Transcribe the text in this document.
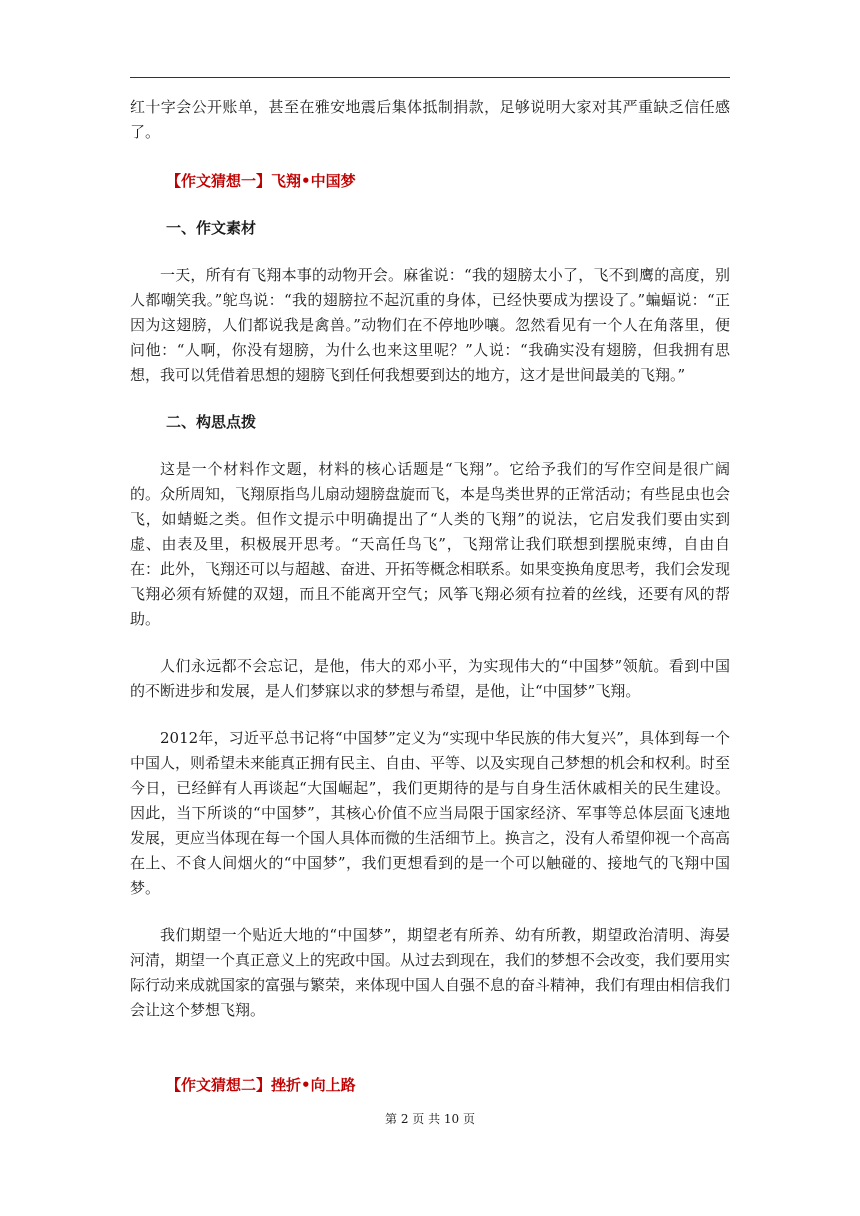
红十字会公开账单，甚至在雅安地震后集体抵制捐款，足够说明大家对其严重缺乏信任感了。

【作文猜想一】飞翔•中国梦
一、作文素材

一天，所有有飞翔本事的动物开会。麻雀说：“我的翅膀太小了，飞不到鹰的高度，别人都嘲笑我。”鸵鸟说：“我的翅膀拉不起沉重的身体，已经快要成为摆设了。”蝙蝠说：“正因为这翅膀，人们都说我是禽兽。”动物们在不停地吵嚷。忽然看见有一个人在角落里，便问他：“人啊，你没有翅膀，为什么也来这里呢？”人说：“我确实没有翅膀，但我拥有思想，我可以凭借着思想的翅膀飞到任何我想要到达的地方，这才是世间最美的飞翔。”

二、构思点拨

这是一个材料作文题，材料的核心话题是“飞翔”。它给予我们的写作空间是很广阔的。众所周知，飞翔原指鸟儿扇动翅膀盘旋而飞，本是鸟类世界的正常活动；有些昆虫也会飞，如蜻蜓之类。但作文提示中明确提出了“人类的飞翔”的说法，它启发我们要由实到虚、由表及里，积极展开思考。“天高任鸟飞”，飞翔常让我们联想到摆脱束缚，自由自在：此外，飞翔还可以与超越、奋进、开拓等概念相联系。如果变换角度思考，我们会发现飞翔必须有矫健的双翅，而且不能离开空气；风筝飞翔必须有拉着的丝线，还要有风的帮助。

人们永远都不会忘记，是他，伟大的邓小平，为实现伟大的“中国梦”领航。看到中国的不断进步和发展，是人们梦寐以求的梦想与希望，是他，让“中国梦”飞翔。

2012年，习近平总书记将“中国梦”定义为“实现中华民族的伟大复兴”，具体到每一个中国人，则希望未来能真正拥有民主、自由、平等、以及实现自己梦想的机会和权利。时至今日，已经鲜有人再谈起“大国崛起”，我们更期待的是与自身生活休戚相关的民生建设。因此，当下所谈的“中国梦”，其核心价值不应当局限于国家经济、军事等总体层面飞速地发展，更应当体现在每一个国人具体而微的生活细节上。换言之，没有人希望仰视一个高高在上、不食人间烟火的“中国梦”，我们更想看到的是一个可以触碰的、接地气的飞翔中国梦。

我们期望一个贴近大地的“中国梦”，期望老有所养、幼有所教，期望政治清明、海晏河清，期望一个真正意义上的宪政中国。从过去到现在，我们的梦想不会改变，我们要用实际行动来成就国家的富强与繁荣，来体现中国人自强不息的奋斗精神，我们有理由相信我们会让这个梦想飞翔。

【作文猜想二】挫折•向上路
第 2 页 共 10 页
